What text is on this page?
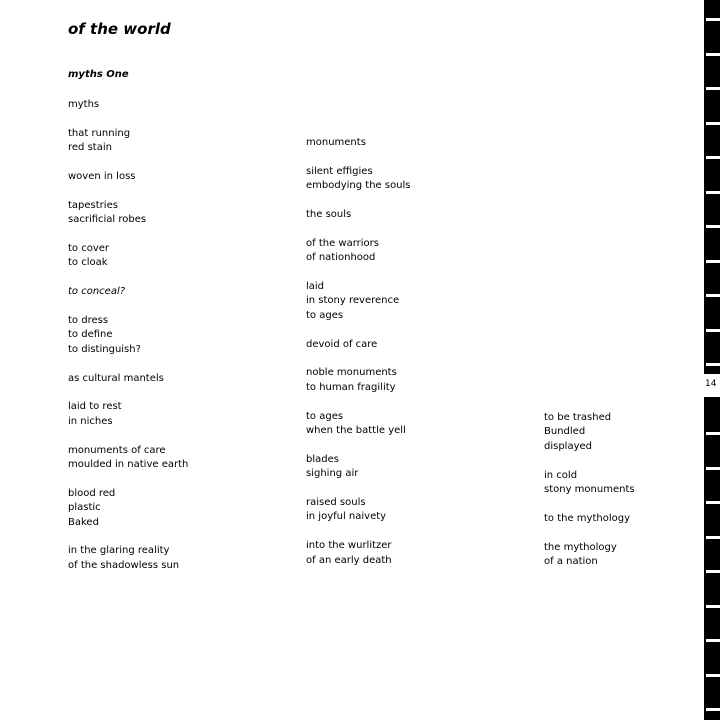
of the world
myths One
myths
that running
red stain
woven in loss
tapestries
sacrificial robes
to cover
to cloak
to conceal?
to dress
to define
to distinguish?
as cultural mantels
laid to rest
in niches
monuments of care
moulded in native earth
blood red
plastic
Baked
in the glaring reality
of the shadowless sun
monuments
silent effigies
embodying the souls
the souls
of the warriors
of nationhood
laid
in stony reverence
to ages
devoid of care
noble monuments
to human fragility
to ages
when the battle yell
blades
sighing air
raised souls
in joyful naivety
into the wurlitzer
of an early death
to be trashed
Bundled
displayed
in cold
stony monuments
to the mythology
the mythology
of a nation
14
